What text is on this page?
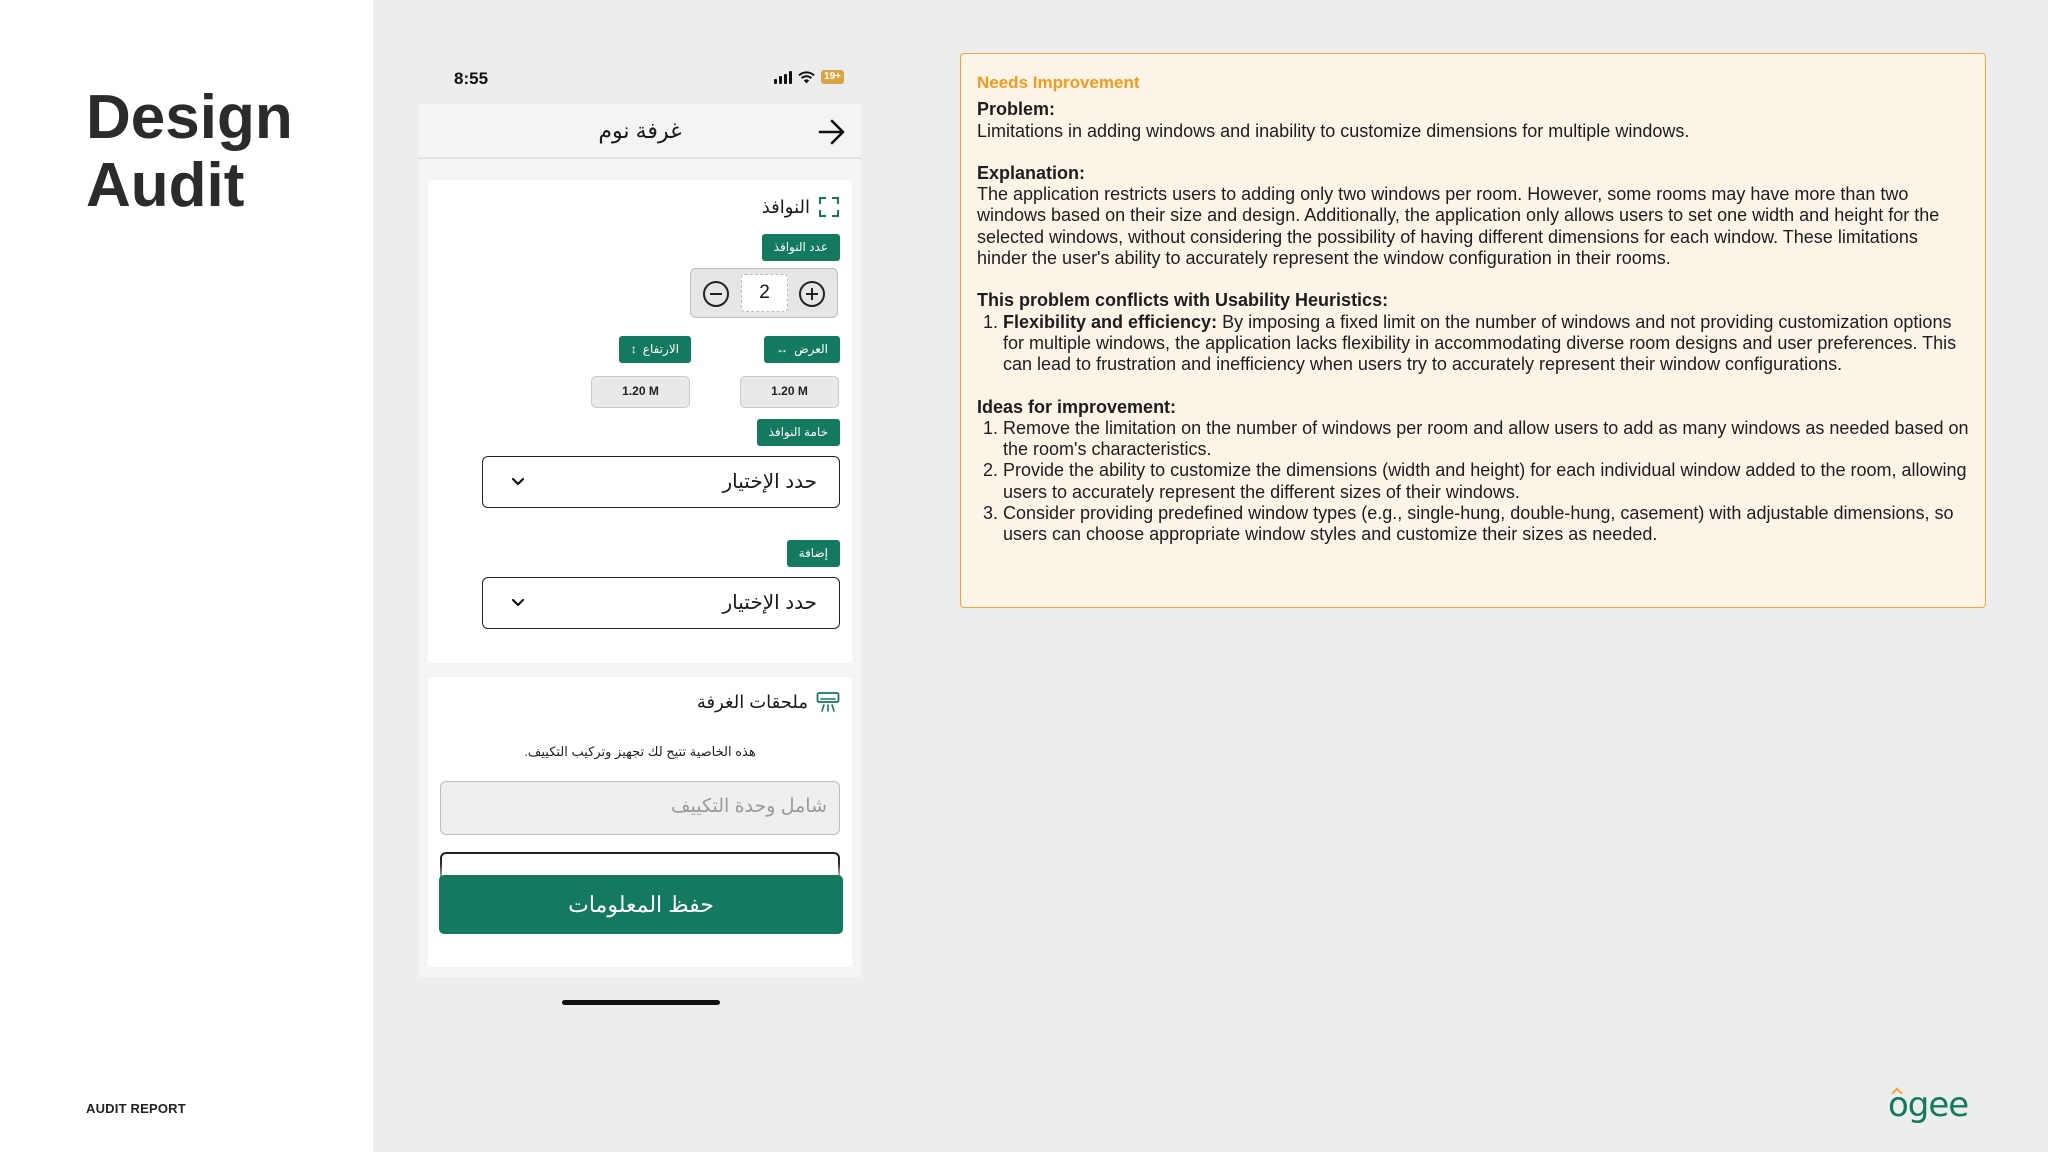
Design
Audit
AUDIT REPORT
8:55	19+
غرفة نوم
النوافذ
عدد النوافذ
2
العرض
↔
الارتفاع
↕
1.20 M
1.20 M
خامة النوافذ
حدد الإختيار
إضافة
حدد الإختيار
ملحقات الغرفة
هذه الخاصية تتيح لك تجهيز وتركيب التكييف.
شامل وحدة التكييف
حفظ المعلومات
Needs Improvement
Problem:
Limitations in adding windows and inability to customize dimensions for multiple windows.
Explanation:
The application restricts users to adding only two windows per room. However, some rooms may have more than two windows based on their size and design. Additionally, the application only allows users to set one width and height for the selected windows, without considering the possibility of having different dimensions for each window. These limitations hinder the user's ability to accurately represent the window configuration in their rooms.
This problem conflicts with Usability Heuristics:
1. Flexibility and efficiency: By imposing a fixed limit on the number of windows and not providing customization options for multiple windows, the application lacks flexibility in accommodating diverse room designs and user preferences. This can lead to frustration and inefficiency when users try to accurately represent their window configurations.
Ideas for improvement:
1. Remove the limitation on the number of windows per room and allow users to add as many windows as needed based on the room's characteristics.
2. Provide the ability to customize the dimensions (width and height) for each individual window added to the room, allowing users to accurately represent the different sizes of their windows.
3. Consider providing predefined window types (e.g., single-hung, double-hung, casement) with adjustable dimensions, so users can choose appropriate window styles and customize their sizes as needed.
ogee
